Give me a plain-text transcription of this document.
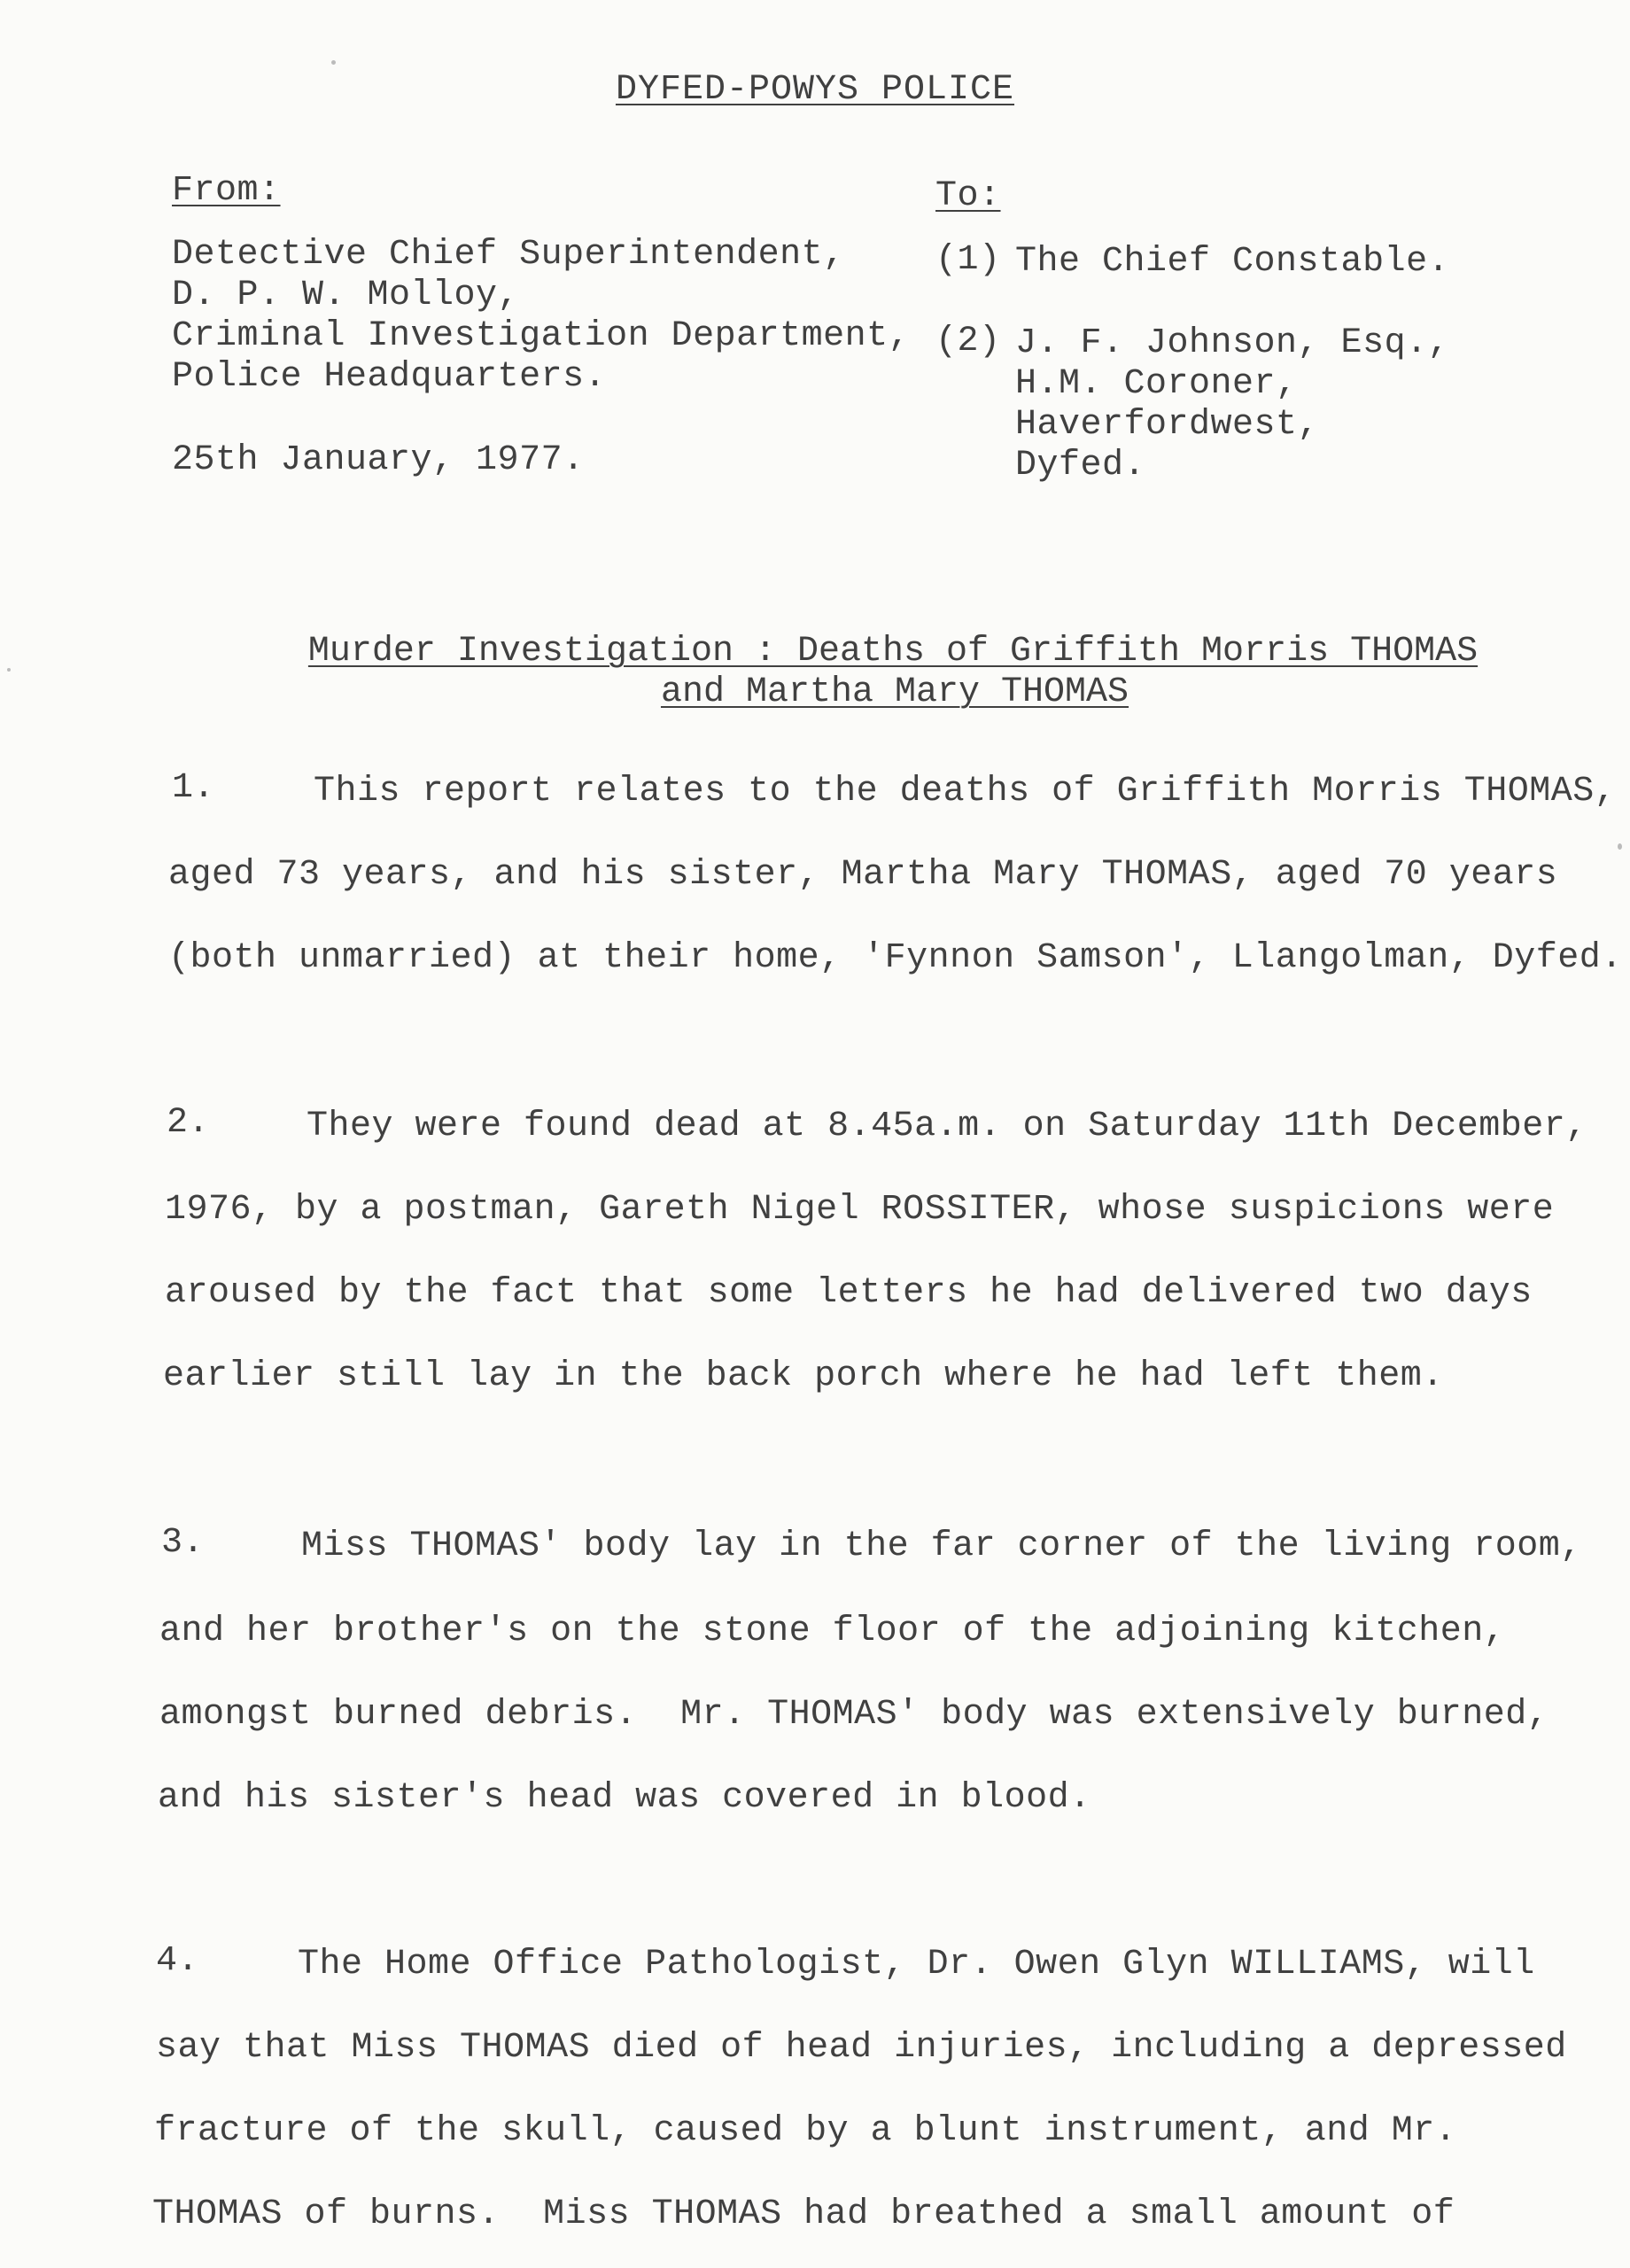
DYFED-POWYS POLICE
From:
Detective Chief Superintendent,
D. P. W. Molloy,
Criminal Investigation Department,
Police Headquarters.
25th January, 1977.
To:
(1) The Chief Constable.
(2) J. F. Johnson, Esq.,
H.M. Coroner,
Haverfordwest,
Dyfed.
Murder Investigation : Deaths of Griffith Morris THOMAS
and Martha Mary THOMAS
1.	This report relates to the deaths of Griffith Morris THOMAS,
aged 73 years, and his sister, Martha Mary THOMAS, aged 70 years
(both unmarried) at their home, 'Fynnon Samson', Llangolman, Dyfed.
2.	They were found dead at 8.45a.m. on Saturday 11th December,
1976, by a postman, Gareth Nigel ROSSITER, whose suspicions were
aroused by the fact that some letters he had delivered two days
earlier still lay in the back porch where he had left them.
3.	Miss THOMAS' body lay in the far corner of the living room,
and her brother's on the stone floor of the adjoining kitchen,
amongst burned debris.  Mr. THOMAS' body was extensively burned,
and his sister's head was covered in blood.
4.	The Home Office Pathologist, Dr. Owen Glyn WILLIAMS, will
say that Miss THOMAS died of head injuries, including a depressed
fracture of the skull, caused by a blunt instrument, and Mr.
THOMAS of burns.  Miss THOMAS had breathed a small amount of
